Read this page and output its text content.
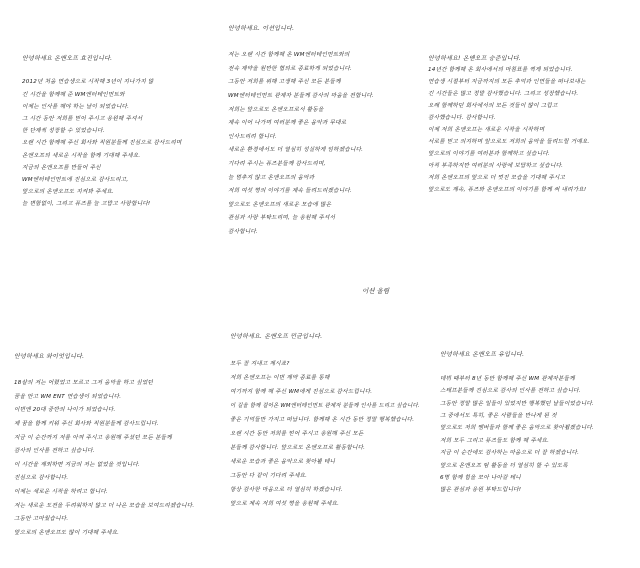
안녕하세요 온앤오프 효진입니다.
2012년 처음 연습생으로 시작해 3년이 지나가지 않
긴 시간을 함께해 준 WM엔터테인먼트와
이제는 인사를 해야 하는 날이 되었습니다.
그 시간 동안 저희를 믿어 주시고 응원해 주셔서
한 단계씩 성장할 수 있었습니다.
오랜 시간 함께해 주신 회사와 직원분들께 진심으로 감사드리며
온앤오프의 새로운 시작을 함께 기대해 주세요.
지금의 온앤오프를 만들어 주신
WM엔터테인먼트에 진심으로 감사드리고,
앞으로의 온앤오프도 지켜봐 주세요.
늘 변함없이, 그리고 퓨즈를 늘 고맙고 사랑합니다!
안녕하세요. 이션입니다.
저는 오랜 시간 함께해 온 WM엔터테인먼트와의
전속 계약을 원만한 협의로 종료하게 되었습니다.
그동안 저희를 위해 고생해 주신 모든 분들께
WM엔터테인먼트 관계자 분들께 감사의 마음을 전합니다.
저희는 앞으로도 온앤오프로서 활동을
계속 이어 나가며 여러분께 좋은 음악과 무대로
인사드리려 합니다.
새로운 환경에서도 더 열심히 성실하게 임하겠습니다.
기다려 주시는 퓨즈분들께 감사드리며,
늘 멈추지 않고 온앤오프의 음악과
저희 여섯 명의 이야기를 계속 들려드리겠습니다.
앞으로도 온앤오프의 새로운 모습에 많은
관심과 사랑 부탁드리며, 늘 응원해 주셔서
감사합니다.
안녕하세요! 온앤오프 승준입니다.
14년간 함께해 온 회사에서의 마침표를 찍게 되었습니다.
연습생 시절부터 지금까지의 모든 추억과 인연들을 떠나보내는
긴 시간들은 많고 정말 감사했습니다. 그리고 성장했습니다.
오래 함께하던 회사에서의 모든 것들이 많이 그립고
감사했습니다. 감사합니다.
이제 저희 온앤오프는 새로운 시작을 시작하며
서로를 믿고 의지하며 앞으로도 저희의 음악을 들려드릴 거예요.
앞으로의 이야기를 여러분과 함께하고 싶습니다.
아직 부족하지만 여러분의 사랑에 보답하고 싶습니다.
저희 온앤오프의 앞으로 더 멋진 모습을 기대해 주시고
앞으로도 계속, 퓨즈와 온앤오프의 이야기를 함께 써 내려가요!
안녕하세요 와이엇입니다.
18살의 저는 어렸었고 모르고 그저 음악을 하고 싶었던
꿈을 안고 WM ENT 연습생이 되었습니다.
이번엔 20대 중반의 나이가 되었습니다.
제 꿈을 함께 키워 주신 회사와 직원분들께 감사드립니다.
지금 이 순간까지 저를 아껴 주시고 응원해 주셨던 모든 분들께
감사의 인사를 전하고 싶습니다.
이 시간을 제외하면 지금의 저는 없었을 것입니다.
진심으로 감사합니다.
이제는 새로운 시작을 하려고 합니다.
저는 새로운 도전을 두려워하지 않고 더 나은 모습을 보여드리겠습니다.
그동안 고마웠습니다.
앞으로의 온앤오프도 많이 기대해 주세요.
안녕하세요. 온앤오프 민균입니다.
모두 잘 지내고 계시죠?
저희 온앤오프는 이번 계약 종료를 통해
여기까지 함께 해 주신 WM에게 진심으로 감사드립니다.
이 길을 함께 걸어온 WM엔터테인먼트 관계자 분들께 인사를 드리고 싶습니다.
좋은 기억들만 가지고 떠납니다. 함께해 온 시간 동안 정말 행복했습니다.
오랜 시간 동안 저희를 믿어 주시고 응원해 주신 모든
분들께 감사합니다. 앞으로도 온앤오프로 활동합니다.
새로운 모습과 좋은 음악으로 찾아뵐 테니
그동안 다 같이 기다려 주세요.
항상 감사한 마음으로 더 열심히 하겠습니다.
앞으로 계속 저희 여섯 명을 응원해 주세요.
안녕하세요 온앤오프 유입니다.
데뷔 때부터 8년 동안 함께해 주신 WM 관계자분들께
스태프분들께 진심으로 감사의 인사를 전하고 싶습니다.
그동안 정말 많은 일들이 있었지만 행복했던 날들이었습니다.
그 중에서도 특히, 좋은 사람들을 만나게 된 것
앞으로도 저희 멤버들과 함께 좋은 음악으로 찾아뵙겠습니다.
저희 모두 그리고 퓨즈들도 함께 해 주세요.
지금 이 순간에도 감사하는 마음으로 더 잘 하겠습니다.
앞으로 온앤오프 팀 활동을 더 열심히 할 수 있도록
6명 함께 힘을 모아 나아갈 테니
많은 관심과 응원 부탁드립니다!
이션 올림
